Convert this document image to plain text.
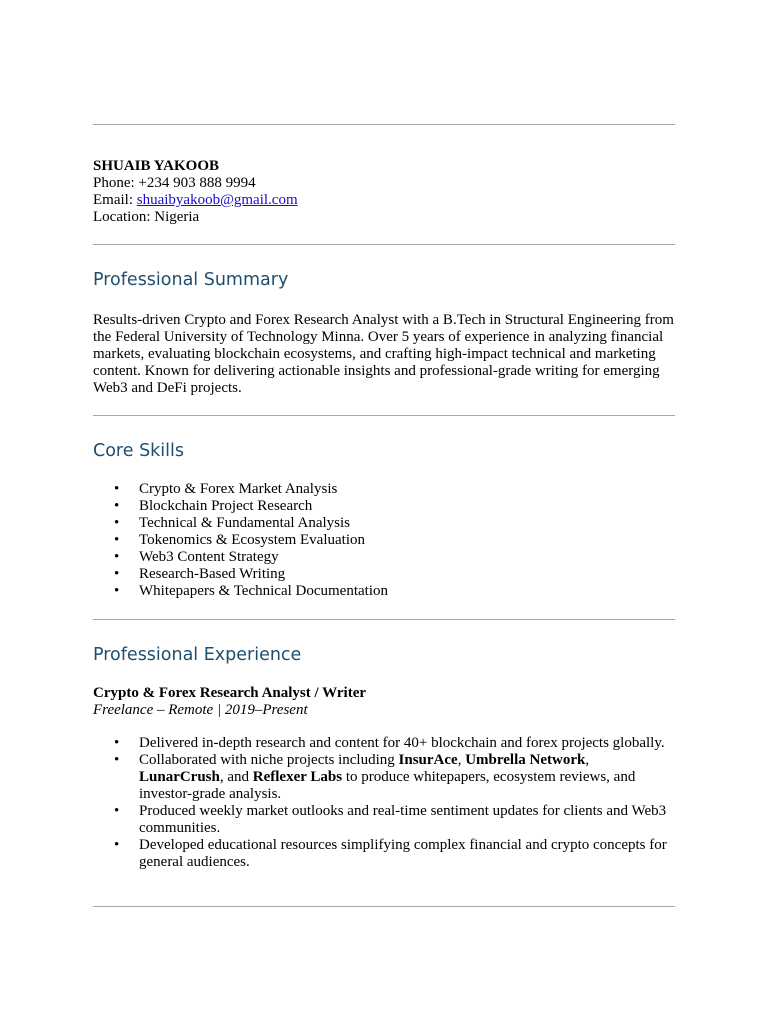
SHUAIB YAKOOB
Phone: +234 903 888 9994
Email: shuaibyakoob@gmail.com
Location: Nigeria
Professional Summary

Results-driven Crypto and Forex Research Analyst with a B.Tech in Structural Engineering from the Federal University of Technology Minna. Over 5 years of experience in analyzing financial markets, evaluating blockchain ecosystems, and crafting high-impact technical and marketing content. Known for delivering actionable insights and professional-grade writing for emerging Web3 and DeFi projects.

Core Skills
• Crypto & Forex Market Analysis
• Blockchain Project Research
• Technical & Fundamental Analysis
• Tokenomics & Ecosystem Evaluation
• Web3 Content Strategy
• Research-Based Writing
• Whitepapers & Technical Documentation
Professional Experience

Crypto & Forex Research Analyst / Writer

Freelance – Remote | 2019–Present

• Delivered in-depth research and content for 40+ blockchain and forex projects globally.
• Collaborated with niche projects including InsurAce, Umbrella Network, LunarCrush, and Reflexer Labs to produce whitepapers, ecosystem reviews, and investor-grade analysis.
• Produced weekly market outlooks and real-time sentiment updates for clients and Web3 communities.
• Developed educational resources simplifying complex financial and crypto concepts for general audiences.
